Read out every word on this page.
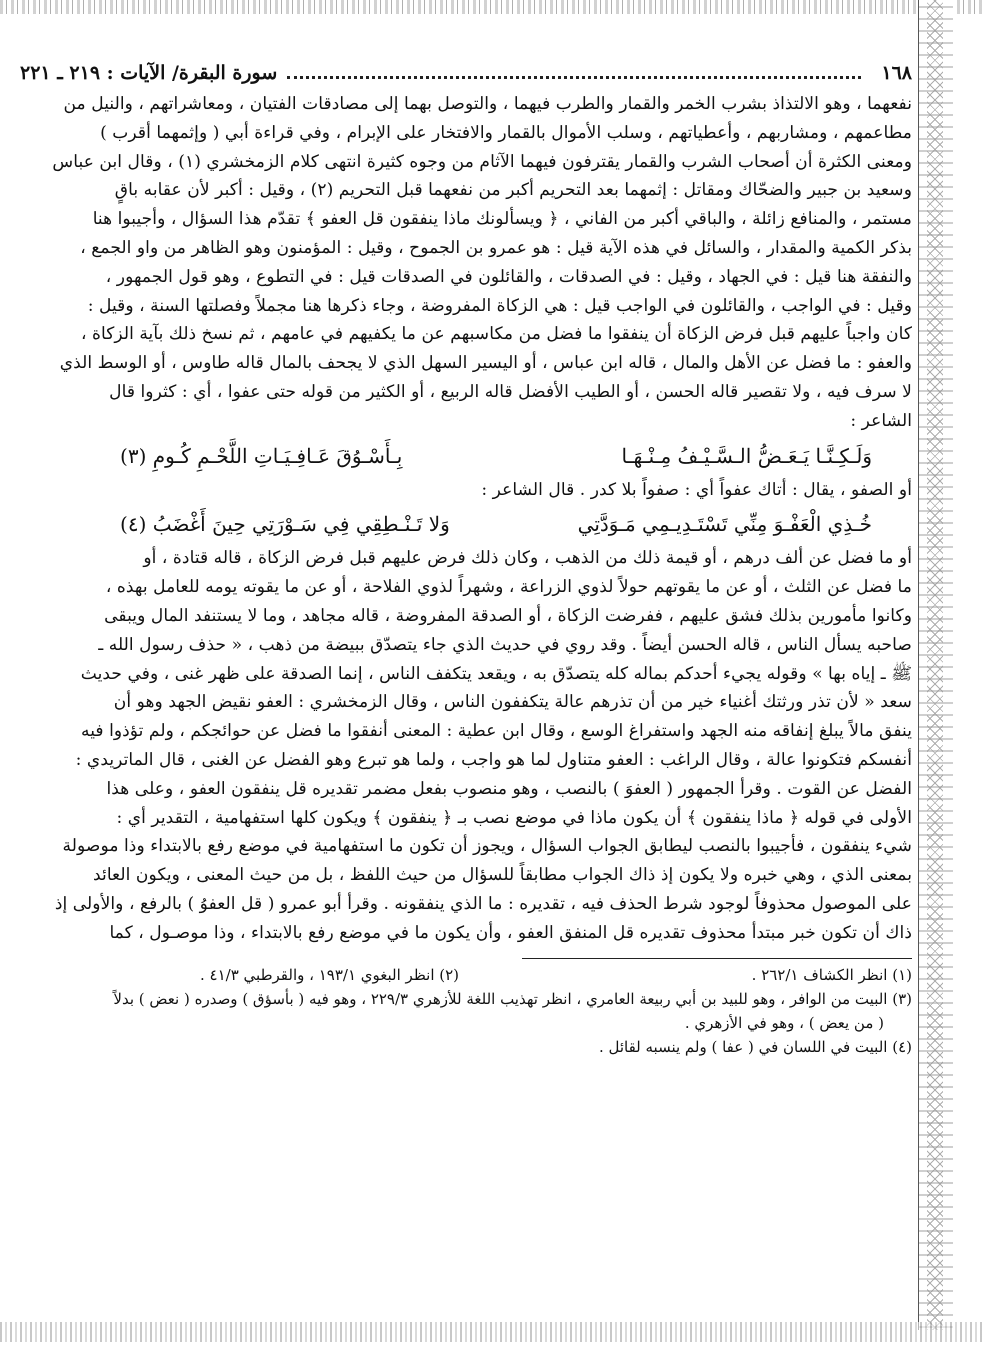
١٦٨
سورة البقرة/ الآيات : ٢١٩ ـ ٢٢١
نفعهما ، وهو الالتذاذ بشرب الخمر والقمار والطرب فيهما ، والتوصل بهما إلى مصادقات الفتيان ، ومعاشراتهم ، والنيل من
مطاعمهم ، ومشاربهم ، وأعطياتهم ، وسلب الأموال بالقمار والافتخار على الإبرام ، وفي قراءة أبي ( وإثمهما أقرب )
ومعنى الكثرة أن أصحاب الشرب والقمار يقترفون فيهما الآثام من وجوه كثيرة انتهى كلام الزمخشري (١) ، وقال ابن عباس
وسعيد بن جبير والضحّاك ومقاتل : إثمهما بعد التحريم أكبر من نفعهما قبل التحريم (٢) ، وقيل : أكبر لأن عقابه باقٍ
مستمر ، والمنافع زائلة ، والباقي أكبر من الفاني ، ﴿ ويسألونك ماذا ينفقون قل العفو ﴾ تقدّم هذا السؤال ، وأجيبوا هنا
بذكر الكمية والمقدار ، والسائل في هذه الآية قيل : هو عمرو بن الجموح ، وقيل : المؤمنون وهو الظاهر من واو الجمع ،
والنفقة هنا قيل : في الجهاد ، وقيل : في الصدقات ، والقائلون في الصدقات قيل : في التطوع ، وهو قول الجمهور ،
وقيل : في الواجب ، والقائلون في الواجب قيل : هي الزكاة المفروضة ، وجاء ذكرها هنا مجملاً وفصلتها السنة ، وقيل :
كان واجباً عليهم قبل فرض الزكاة أن ينفقوا ما فضل من مكاسبهم عن ما يكفيهم في عامهم ، ثم نسخ ذلك بآية الزكاة ،
والعفو : ما فضل عن الأهل والمال ، قاله ابن عباس ، أو اليسير السهل الذي لا يجحف بالمال قاله طاوس ، أو الوسط الذي
لا سرف فيه ، ولا تقصير قاله الحسن ، أو الطيب الأفضل قاله الربيع ، أو الكثير من قوله حتى عفوا ، أي : كثروا قال
الشاعر :
وَلَـكِـنَّـا يَـعَـضُّ الـسَّـيْـفُ مِـنْـهَـا
بِـأَسْـوُقَ عَـافِـيَـاتِ اللَّحْـمِ كُـومِ (٣)
أو الصفو ، يقال : أتاك عفواً أي : صفواً بلا كدر . قال الشاعر :
خُـذِي الْعَفْـوَ مِنِّي تَسْتَـدِيـمِي مَـوَدَّتِي
وَلا تَـنْـطِقِي فِي سَـوْرَتِي حِينَ أَغْضَبُ (٤)
أو ما فضل عن ألف درهم ، أو قيمة ذلك من الذهب ، وكان ذلك فرض عليهم قبل فرض الزكاة ، قاله قتادة ، أو
ما فضل عن الثلث ، أو عن ما يقوتهم حولاً لذوي الزراعة ، وشهراً لذوي الفلاحة ، أو عن ما يقوته يومه للعامل بهذه ،
وكانوا مأمورين بذلك فشق عليهم ، ففرضت الزكاة ، أو الصدقة المفروضة ، قاله مجاهد ، وما لا يستنفد المال ويبقى
صاحبه يسأل الناس ، قاله الحسن أيضاً . وقد روي في حديث الذي جاء يتصدّق ببيضة من ذهب ، « حذف رسول الله ـ
ﷺ ـ إياه بها » وقوله يجيء أحدكم بماله كله يتصدّق به ، ويقعد يتكفف الناس ، إنما الصدقة على ظهر غنى ، وفي حديث
سعد « لأن تذر ورثتك أغنياء خير من أن تذرهم عالة يتكففون الناس ، وقال الزمخشري : العفو نقيض الجهد وهو أن
ينفق مالاً يبلغ إنفاقه منه الجهد واستفراغ الوسع ، وقال ابن عطية : المعنى أنفقوا ما فضل عن حوائجكم ، ولم تؤذوا فيه
أنفسكم فتكونوا عالة ، وقال الراغب : العفو متناول لما هو واجب ، ولما هو تبرع وهو الفضل عن الغنى ، قال الماتريدي :
الفضل عن القوت . وقرأ الجمهور ( العفوَ ) بالنصب ، وهو منصوب بفعل مضمر تقديره قل ينفقون العفو ، وعلى هذا
الأولى في قوله ﴿ ماذا ينفقون ﴾ أن يكون ماذا في موضع نصب بـ ﴿ ينفقون ﴾ ويكون كلها استفهامية ، التقدير أي :
شيء ينفقون ، فأجيبوا بالنصب ليطابق الجواب السؤال ، ويجوز أن تكون ما استفهامية في موضع رفع بالابتداء وذا موصولة
بمعنى الذي ، وهي خبره ولا يكون إذ ذاك الجواب مطابقاً للسؤال من حيث اللفظ ، بل من حيث المعنى ، ويكون العائد
على الموصول محذوفاً لوجود شرط الحذف فيه ، تقديره : ما الذي ينفقونه . وقرأ أبو عمرو ( قل العفوُ ) بالرفع ، والأولى إذ
ذاك أن تكون خبر مبتدأ محذوف تقديره قل المنفق العفو ، وأن يكون ما في موضع رفع بالابتداء ، وذا موصـول ، كما
(١) انظر الكشاف ٢٦٢/١ .
(٢) انظر البغوي ١٩٣/١ ، والقرطبي ٤١/٣ .
(٣) البيت من الوافر ، وهو للبيد بن أبي ربيعة العامري ، انظر تهذيب اللغة للأزهري ٢٢٩/٣ ، وهو فيه ( بأسؤق ) وصدره ( نعض ) بدلاً
( من يعض ) ، وهو في الأزهري .
(٤) البيت في اللسان في ( عفا ) ولم ينسبه لقائل .
